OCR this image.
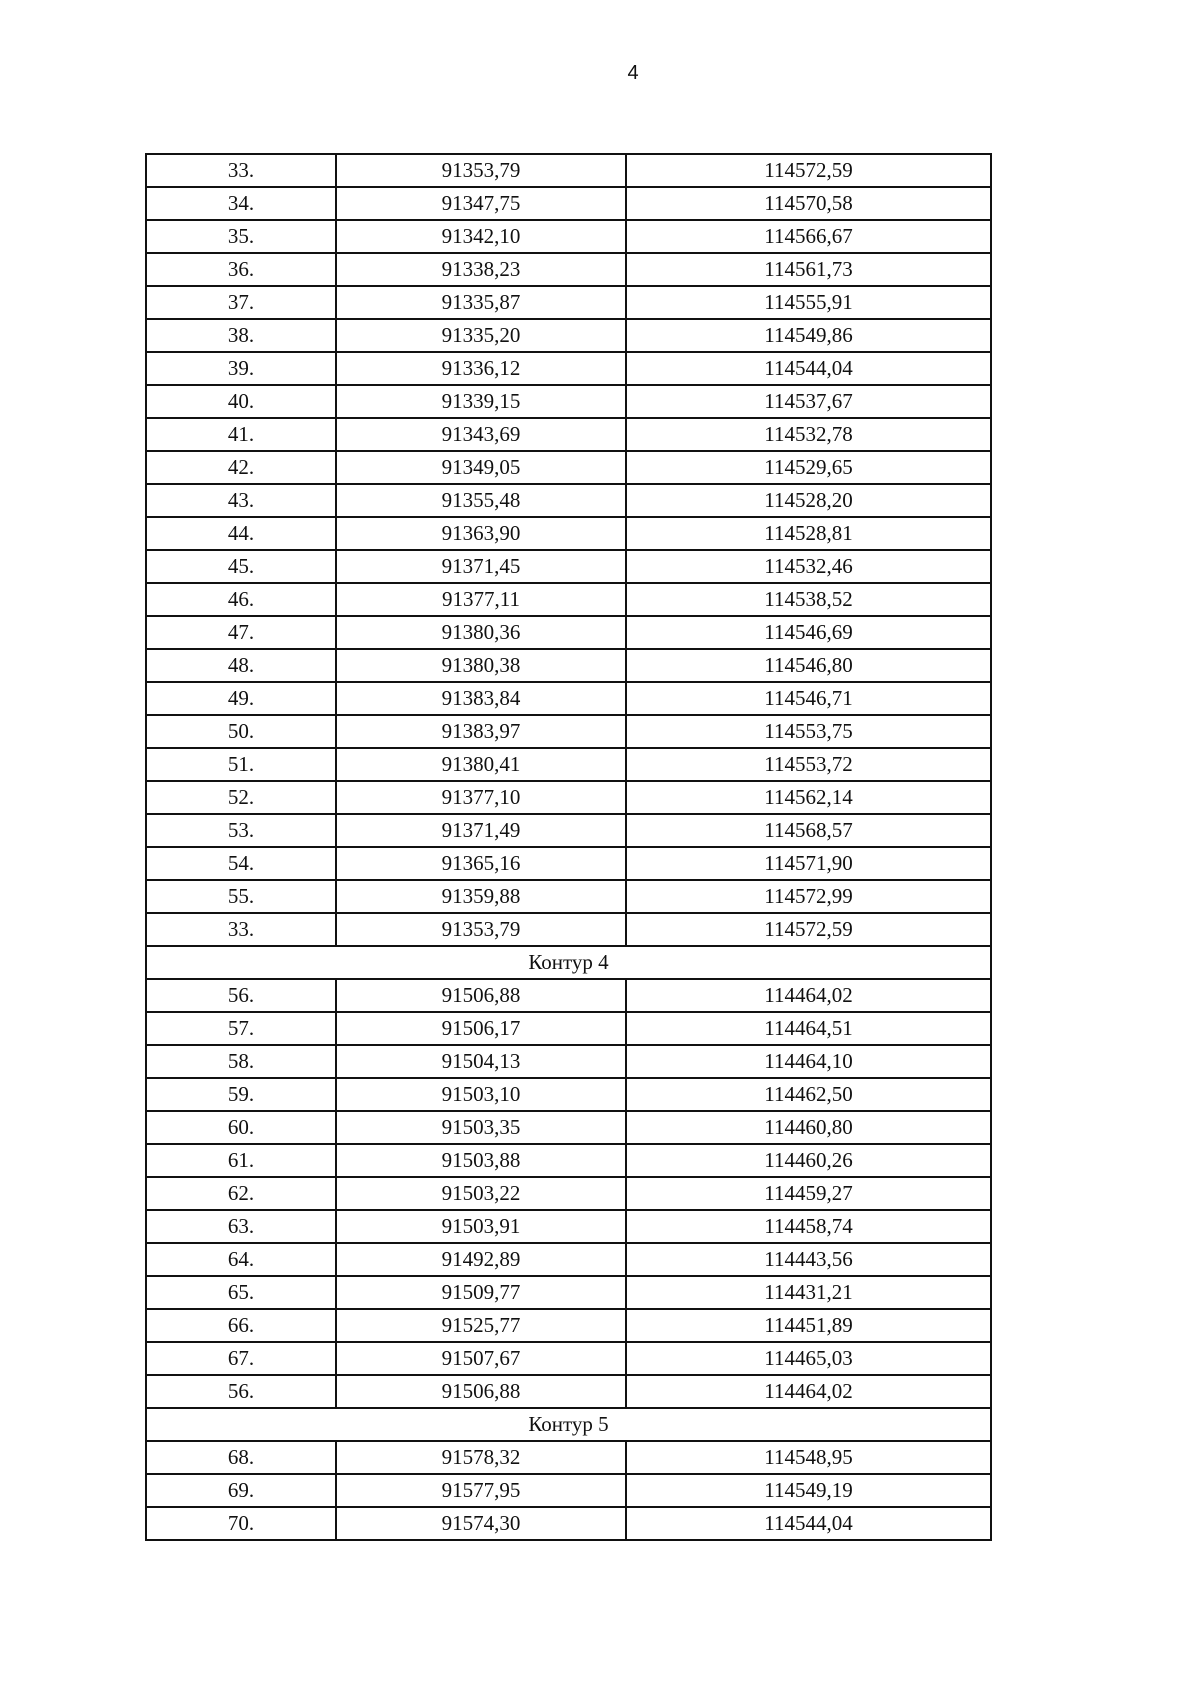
4
33.	91353,79	114572,59
34.	91347,75	114570,58
35.	91342,10	114566,67
36.	91338,23	114561,73
37.	91335,87	114555,91
38.	91335,20	114549,86
39.	91336,12	114544,04
40.	91339,15	114537,67
41.	91343,69	114532,78
42.	91349,05	114529,65
43.	91355,48	114528,20
44.	91363,90	114528,81
45.	91371,45	114532,46
46.	91377,11	114538,52
47.	91380,36	114546,69
48.	91380,38	114546,80
49.	91383,84	114546,71
50.	91383,97	114553,75
51.	91380,41	114553,72
52.	91377,10	114562,14
53.	91371,49	114568,57
54.	91365,16	114571,90
55.	91359,88	114572,99
33.	91353,79	114572,59
Контур 4		
56.	91506,88	114464,02
57.	91506,17	114464,51
58.	91504,13	114464,10
59.	91503,10	114462,50
60.	91503,35	114460,80
61.	91503,88	114460,26
62.	91503,22	114459,27
63.	91503,91	114458,74
64.	91492,89	114443,56
65.	91509,77	114431,21
66.	91525,77	114451,89
67.	91507,67	114465,03
56.	91506,88	114464,02
Контур 5		
68.	91578,32	114548,95
69.	91577,95	114549,19
70.	91574,30	114544,04
